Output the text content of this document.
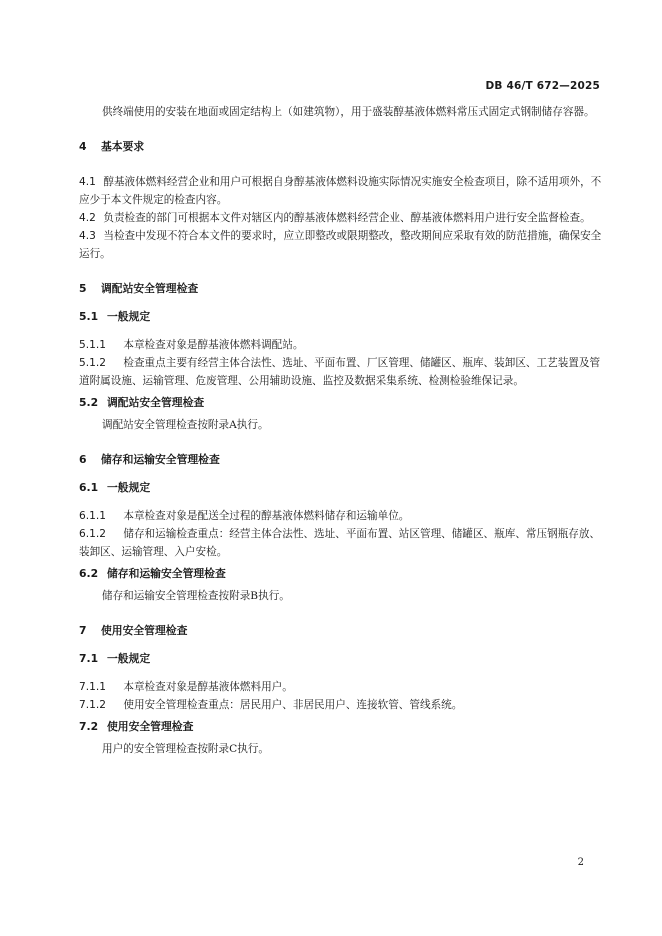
DB 46/T 672—2025

供终端使用的安装在地面或固定结构上（如建筑物），用于盛装醇基液体燃料常压式固定式钢制储存容器。

4 基本要求

4.1 醇基液体燃料经营企业和用户可根据自身醇基液体燃料设施实际情况实施安全检查项目，除不适用项外，不应少于本文件规定的检查内容。

4.2 负责检查的部门可根据本文件对辖区内的醇基液体燃料经营企业、醇基液体燃料用户进行安全监督检查。

4.3 当检查中发现不符合本文件的要求时，应立即整改或限期整改，整改期间应采取有效的防范措施，确保安全运行。

5 调配站安全管理检查

5.1 一般规定

5.1.1 本章检查对象是醇基液体燃料调配站。

5.1.2 检查重点主要有经营主体合法性、选址、平面布置、厂区管理、储罐区、瓶库、装卸区、工艺装置及管道附属设施、运输管理、危废管理、公用辅助设施、监控及数据采集系统、检测检验维保记录。

5.2 调配站安全管理检查

调配站安全管理检查按附录A执行。

6 储存和运输安全管理检查

6.1 一般规定

6.1.1 本章检查对象是配送全过程的醇基液体燃料储存和运输单位。

6.1.2 储存和运输检查重点：经营主体合法性、选址、平面布置、站区管理、储罐区、瓶库、常压钢瓶存放、装卸区、运输管理、入户安检。

6.2 储存和运输安全管理检查

储存和运输安全管理检查按附录B执行。

7 使用安全管理检查

7.1 一般规定

7.1.1 本章检查对象是醇基液体燃料用户。

7.1.2 使用安全管理检查重点：居民用户、非居民用户、连接软管、管线系统。

7.2 使用安全管理检查

用户的安全管理检查按附录C执行。

2
